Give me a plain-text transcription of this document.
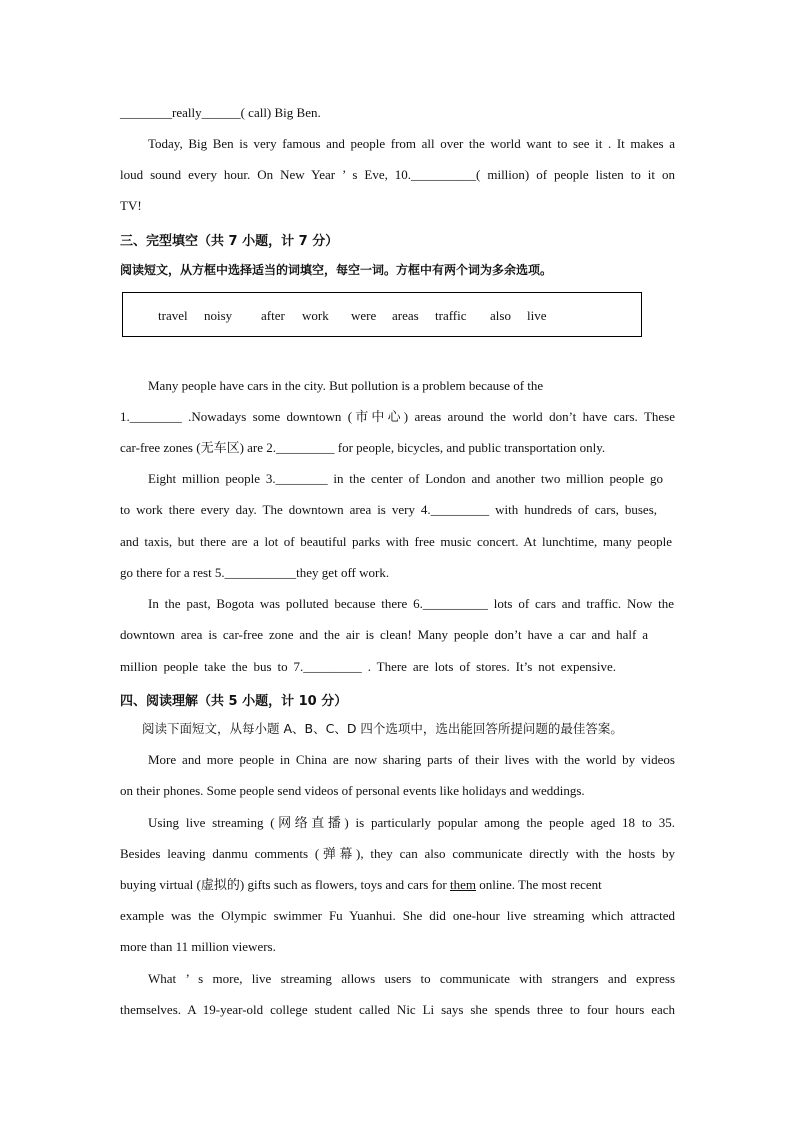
________really______( call) Big Ben.
Today, Big Ben is very famous and people from all over the world want to see it . It makes a
loud sound every hour. On New Year ’ s Eve, 10.__________( million) of people listen to it on
TV!
三、完型填空（共 7 小题，计 7 分）
阅读短文，从方框中选择适当的词填空，每空一词。方框中有两个词为多余选项。
travel noisy after work were areas traffic also live
Many people have cars in the city. But pollution is a problem because of the
1.________ .Nowadays some downtown (市中心) areas around the world don’t have cars. These
car-free zones (无车区) are 2._________ for people, bicycles, and public transportation only.
Eight million people 3.________ in the center of London and another two million people go
to work there every day. The downtown area is very 4._________ with hundreds of cars, buses,
and taxis, but there are a lot of beautiful parks with free music concert. At lunchtime, many people
go there for a rest 5.___________they get off work.
In the past, Bogota was polluted because there 6.__________ lots of cars and traffic. Now the
downtown area is car-free zone and the air is clean! Many people don’t have a car and half a
million people take the bus to 7._________ . There are lots of stores. It’s not expensive.
四、阅读理解（共 5 小题，计 10 分）
阅读下面短文，从每小题 A、B、C、D 四个选项中，选出能回答所提问题的最佳答案。
More and more people in China are now sharing parts of their lives with the world by videos
on their phones. Some people send videos of personal events like holidays and weddings.
Using live streaming (网络直播) is particularly popular among the people aged 18 to 35.
Besides leaving danmu comments (弹幕), they can also communicate directly with the hosts by
buying virtual (虚拟的) gifts such as flowers, toys and cars for them online. The most recent
example was the Olympic swimmer Fu Yuanhui. She did one-hour live streaming which attracted
more than 11 million viewers.
What ’ s more, live streaming allows users to communicate with strangers and express
themselves. A 19-year-old college student called Nic Li says she spends three to four hours each
